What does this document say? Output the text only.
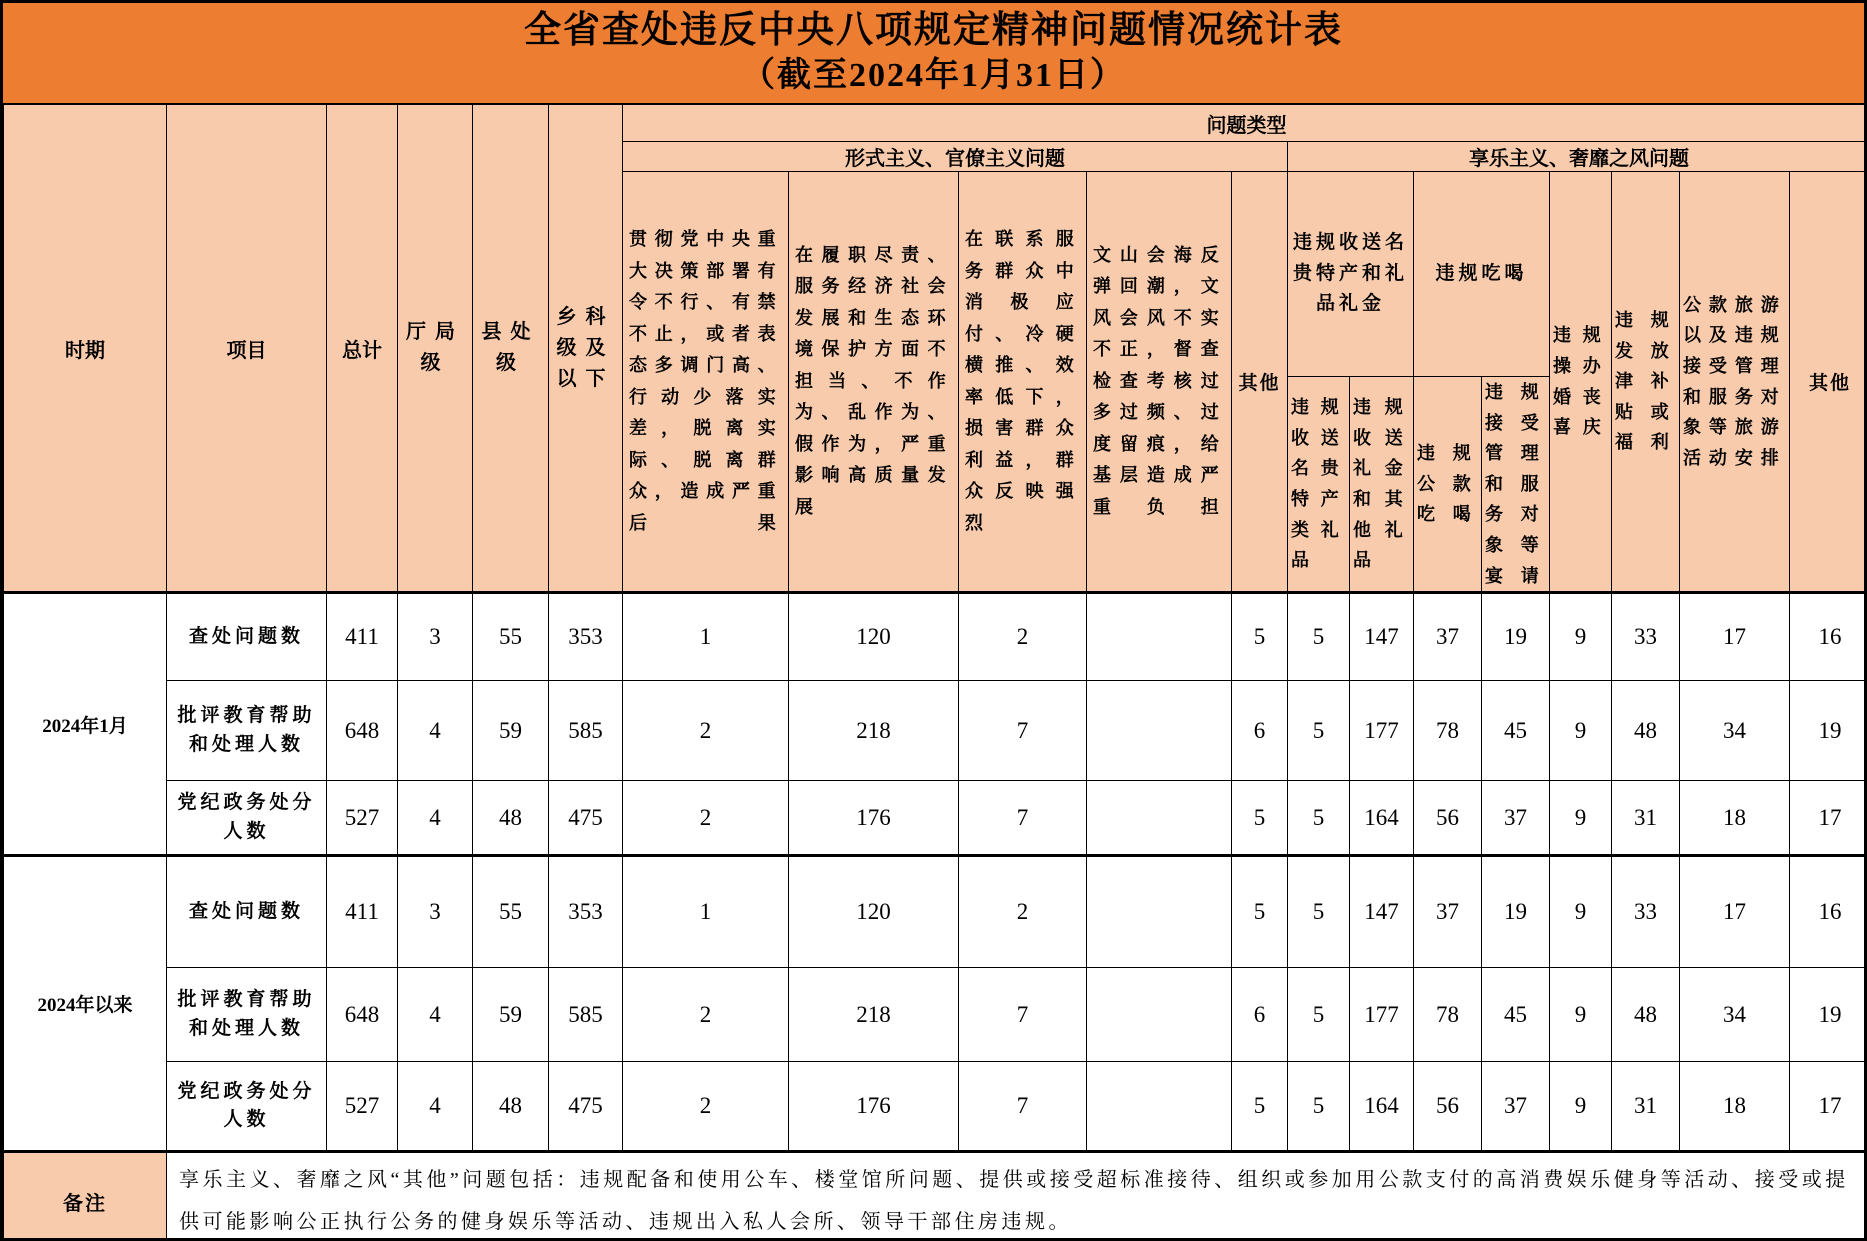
全省查处违反中央八项规定精神问题情况统计表
（截至2024年1月31日）
时期	项目	总计	厅局级	县处级	乡科级及以下	问题类型												
						形式主义、官僚主义问题					享乐主义、奢靡之风问题							
						贯彻党中央重大决策部署有令不行、有禁不止，或者表态多调门高、行动少落实差，脱离实际、脱离群众，造成严重后果	在履职尽责、服务经济社会发展和生态环境保护方面不担当、不作为、乱作为、假作为，严重影响高质量发展	在联系服务群众中消极应付、冷硬横推、效率低下，损害群众利益，群众反映强烈	文山会海反弹回潮，文风会风不实不正，督查检查考核过多过频、过度留痕，给基层造成严重负担	其他	违规收送名贵特产和礼品礼金		违规吃喝		违规操办婚丧喜庆	违规发放津补贴或福利	公款旅游以及违规接受管理和服务对象等旅游活动安排	其他
											违规收送名贵特产类礼品	违规收送礼金和其他礼品	违规公款吃喝	违规接受管理和服务对象等宴请				
2024年1月	查处问题数	411	3	55	353	1	120	2		5	5	147	37	19	9	33	17	16
	批评教育帮助和处理人数	648	4	59	585	2	218	7		6	5	177	78	45	9	48	34	19
	党纪政务处分人数	527	4	48	475	2	176	7		5	5	164	56	37	9	31	18	17
2024年以来	查处问题数	411	3	55	353	1	120	2		5	5	147	37	19	9	33	17	16
	批评教育帮助和处理人数	648	4	59	585	2	218	7		6	5	177	78	45	9	48	34	19
	党纪政务处分人数	527	4	48	475	2	176	7		5	5	164	56	37	9	31	18	17
备注	享乐主义、奢靡之风“其他”问题包括：违规配备和使用公车、楼堂馆所问题、提供或接受超标准接待、组织或参加用公款支付的高消费娱乐健身等活动、接受或提供可能影响公正执行公务的健身娱乐等活动、违规出入私人会所、领导干部住房违规。																	
